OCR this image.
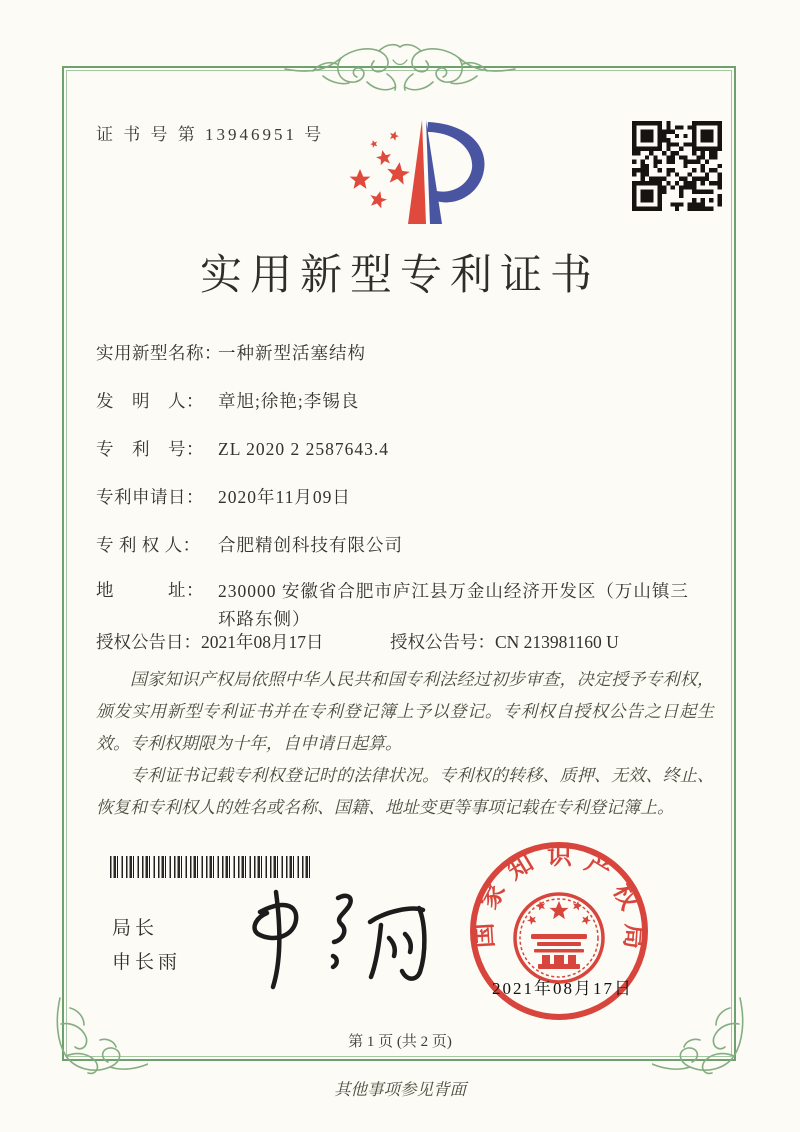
证 书 号 第 13946951 号
实用新型专利证书
实用新型名称：一种新型活塞结构
发　明　人： 章旭;徐艳;李锡良
专　利　号： ZL 2020 2 2587643.4
专利申请日： 2020年11月09日
专 利 权 人： 合肥精创科技有限公司
地　　　址： 230000 安徽省合肥市庐江县万金山经济开发区（万山镇三环路东侧）
授权公告日：2021年08月17日	授权公告号：CN 213981160 U

国家知识产权局依照中华人民共和国专利法经过初步审查，决定授予专利权，颁发实用新型专利证书并在专利登记簿上予以登记。专利权自授权公告之日起生效。专利权期限为十年，自申请日起算。

专利证书记载专利权登记时的法律状况。专利权的转移、质押、无效、终止、恢复和专利权人的姓名或名称、国籍、地址变更等事项记载在专利登记簿上。

局长
申长雨
国家知识产权局
2021年08月17日
第 1 页 (共 2 页)
其他事项参见背面
